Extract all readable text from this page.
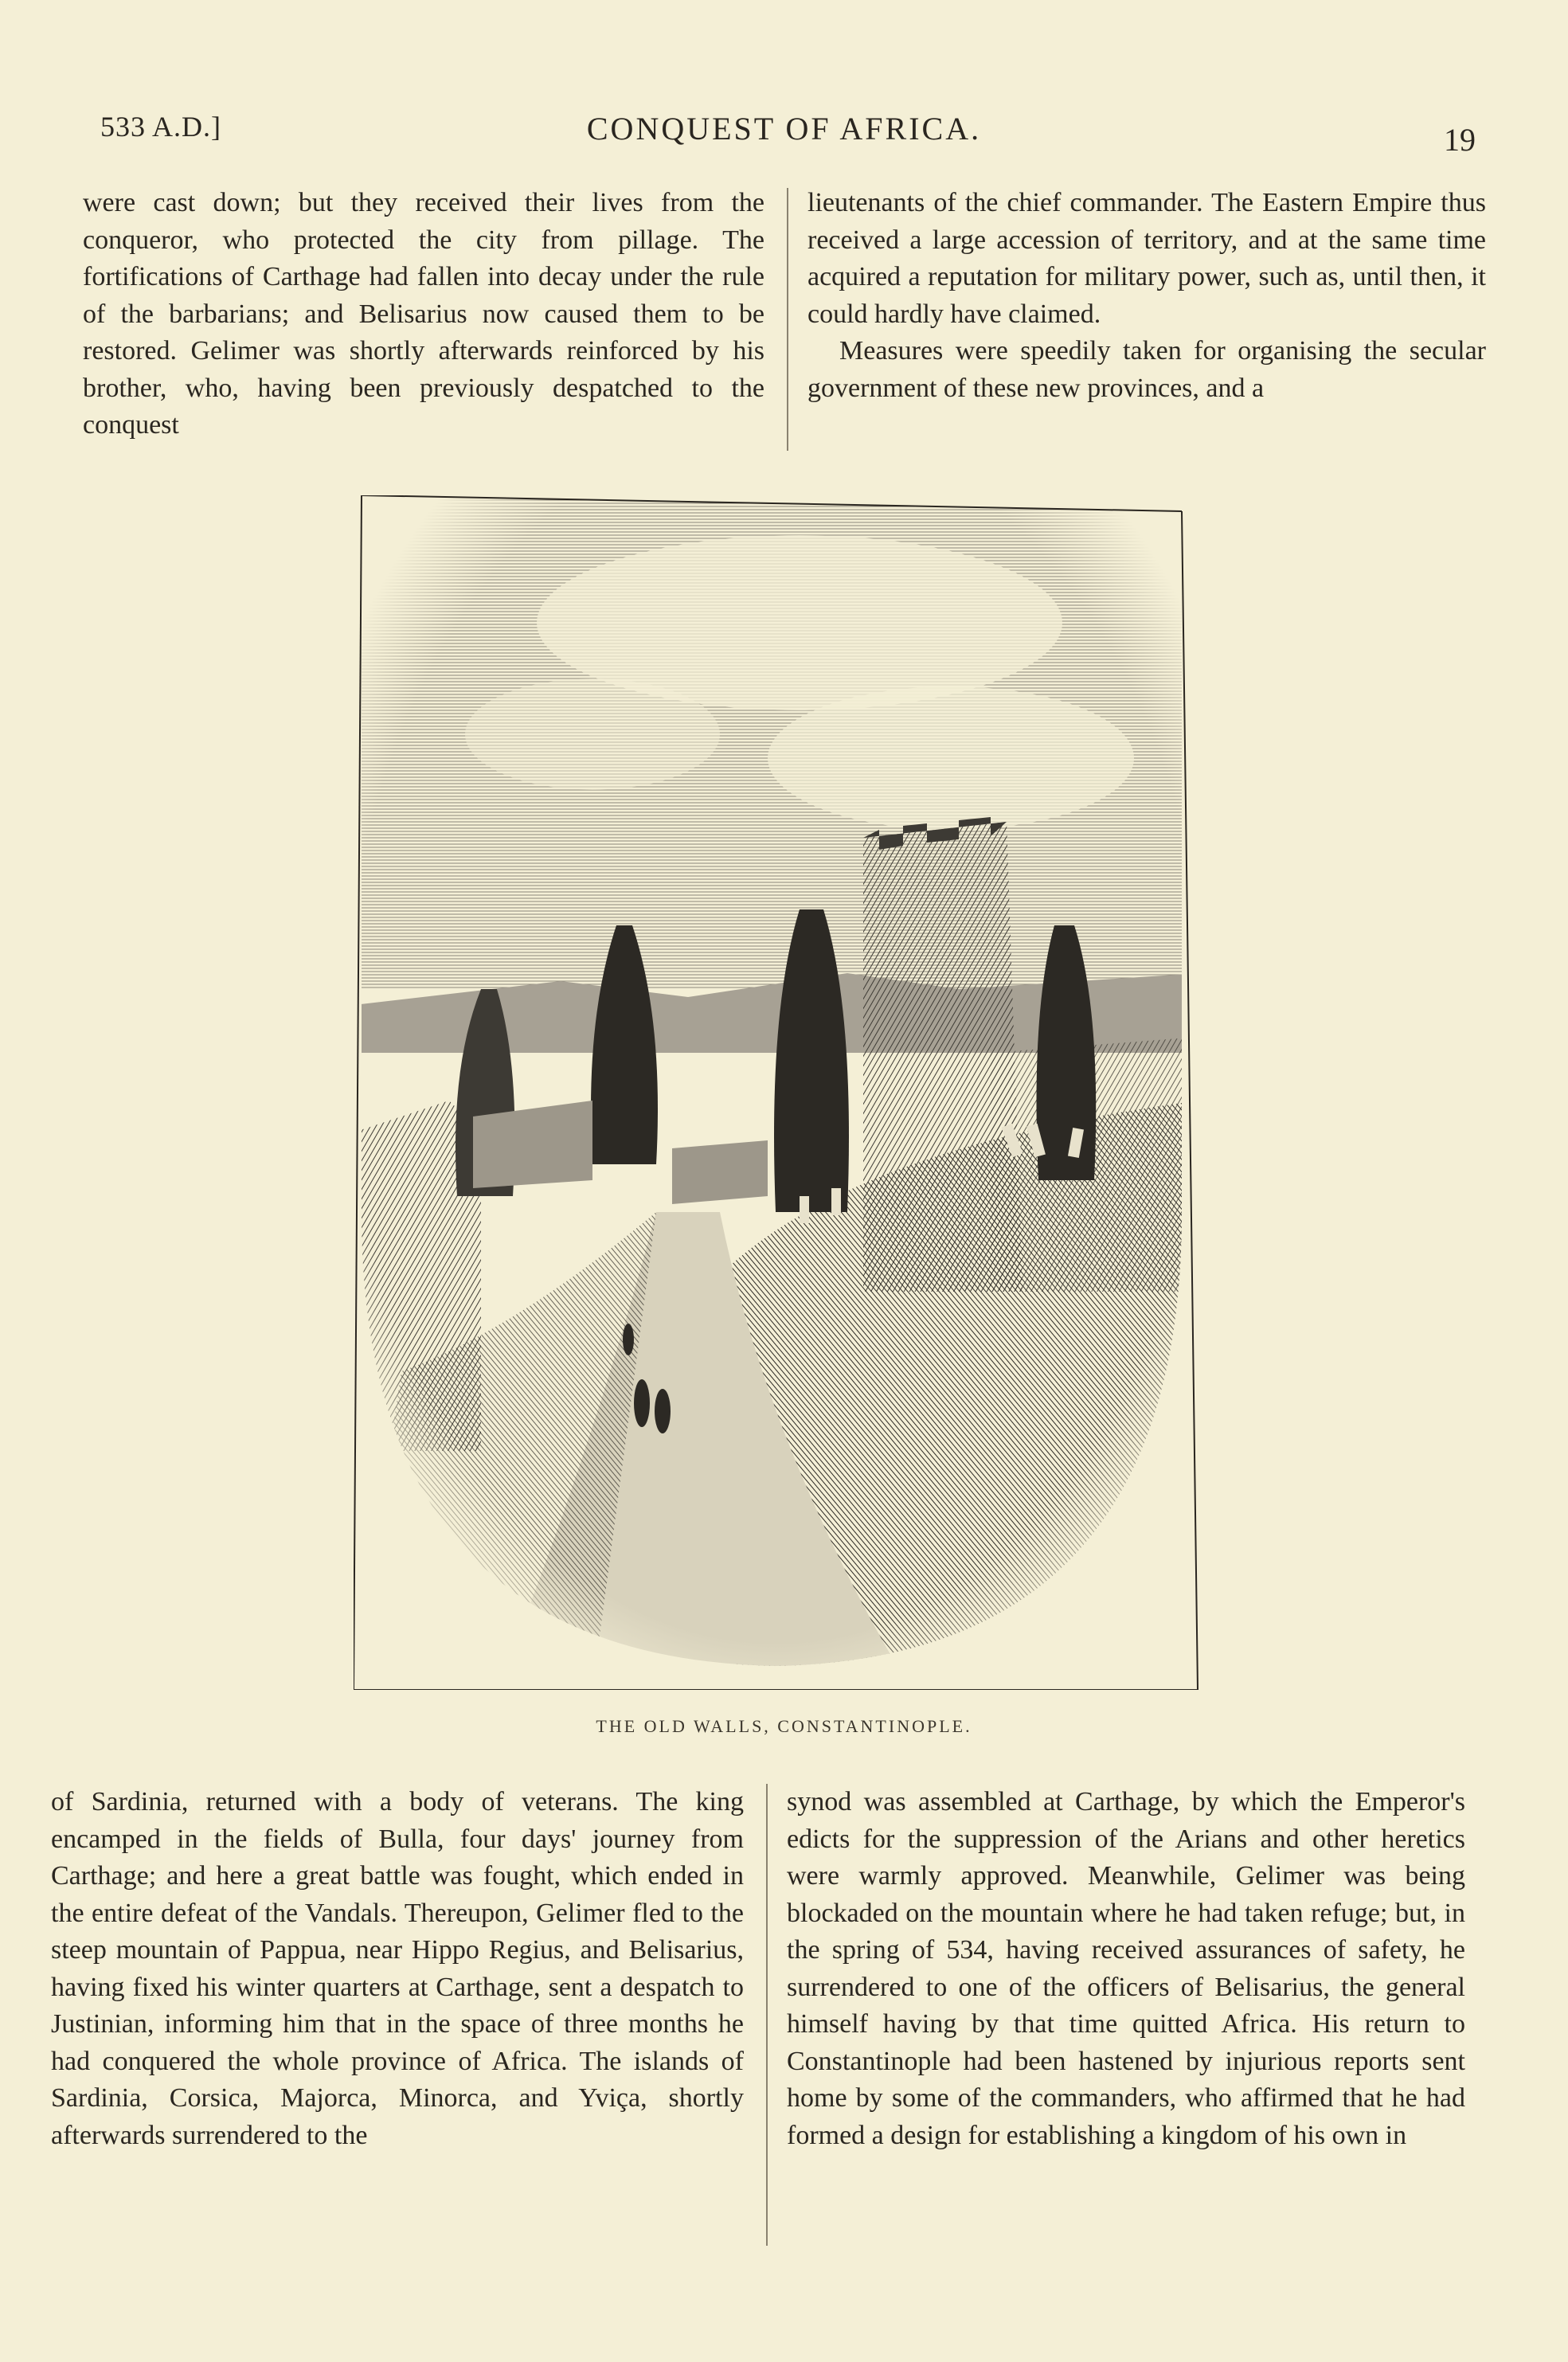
533 A.D.]	CONQUEST OF AFRICA.	19

were cast down; but they received their lives from the conqueror, who protected the city from pillage. The fortifications of Carthage had fallen into decay under the rule of the barbarians; and Belisarius now caused them to be restored. Gelimer was shortly afterwards reinforced by his brother, who, having been previously despatched to the conquest

lieutenants of the chief commander. The Eastern Empire thus received a large accession of territory, and at the same time acquired a reputation for military power, such as, until then, it could hardly have claimed.

Measures were speedily taken for organising the secular government of these new provinces, and a

THE OLD WALLS, CONSTANTINOPLE.

of Sardinia, returned with a body of veterans. The king encamped in the fields of Bulla, four days' journey from Carthage; and here a great battle was fought, which ended in the entire defeat of the Vandals. Thereupon, Gelimer fled to the steep mountain of Pappua, near Hippo Regius, and Belisarius, having fixed his winter quarters at Carthage, sent a despatch to Justinian, informing him that in the space of three months he had conquered the whole province of Africa. The islands of Sardinia, Corsica, Majorca, Minorca, and Yviça, shortly afterwards surrendered to the

synod was assembled at Carthage, by which the Emperor's edicts for the suppression of the Arians and other heretics were warmly approved. Meanwhile, Gelimer was being blockaded on the mountain where he had taken refuge; but, in the spring of 534, having received assurances of safety, he surrendered to one of the officers of Belisarius, the general himself having by that time quitted Africa. His return to Constantinople had been hastened by injurious reports sent home by some of the commanders, who affirmed that he had formed a design for establishing a kingdom of his own in
